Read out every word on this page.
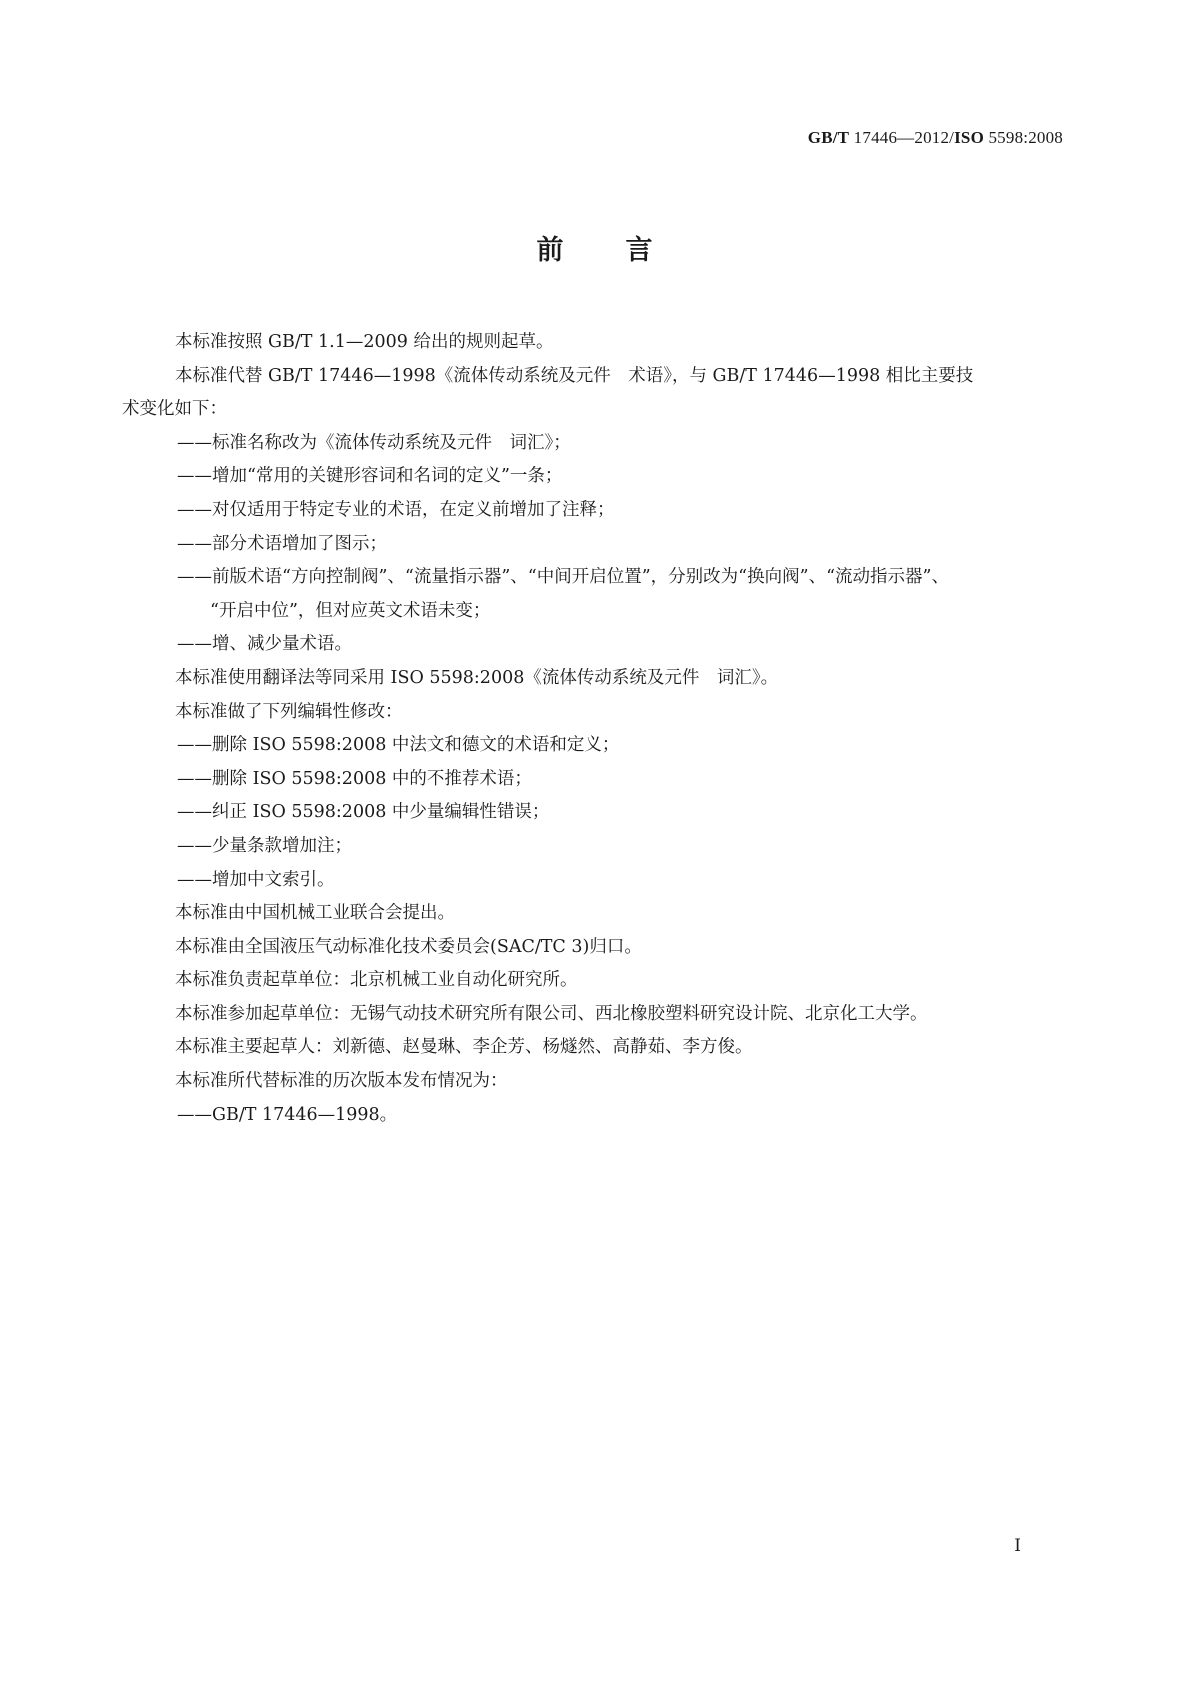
GB/T 17446—2012/ISO 5598:2008
前 言

本标准按照 GB/T 1.1—2009 给出的规则起草。

本标准代替 GB/T 17446—1998《流体传动系统及元件　术语》，与 GB/T 17446—1998 相比主要技
术变化如下：

——标准名称改为《流体传动系统及元件　词汇》；

——增加“常用的关键形容词和名词的定义”一条；

——对仅适用于特定专业的术语，在定义前增加了注释；

——部分术语增加了图示；

——前版术语“方向控制阀”、“流量指示器”、“中间开启位置”，分别改为“换向阀”、“流动指示器”、
“开启中位”，但对应英文术语未变；

——增、减少量术语。

本标准使用翻译法等同采用 ISO 5598:2008《流体传动系统及元件　词汇》。

本标准做了下列编辑性修改：

——删除 ISO 5598:2008 中法文和德文的术语和定义；

——删除 ISO 5598:2008 中的不推荐术语；

——纠正 ISO 5598:2008 中少量编辑性错误；

——少量条款增加注；

——增加中文索引。

本标准由中国机械工业联合会提出。

本标准由全国液压气动标准化技术委员会(SAC/TC 3)归口。

本标准负责起草单位：北京机械工业自动化研究所。

本标准参加起草单位：无锡气动技术研究所有限公司、西北橡胶塑料研究设计院、北京化工大学。

本标准主要起草人：刘新德、赵曼琳、李企芳、杨燧然、高静茹、李方俊。

本标准所代替标准的历次版本发布情况为：

——GB/T 17446—1998。

I
